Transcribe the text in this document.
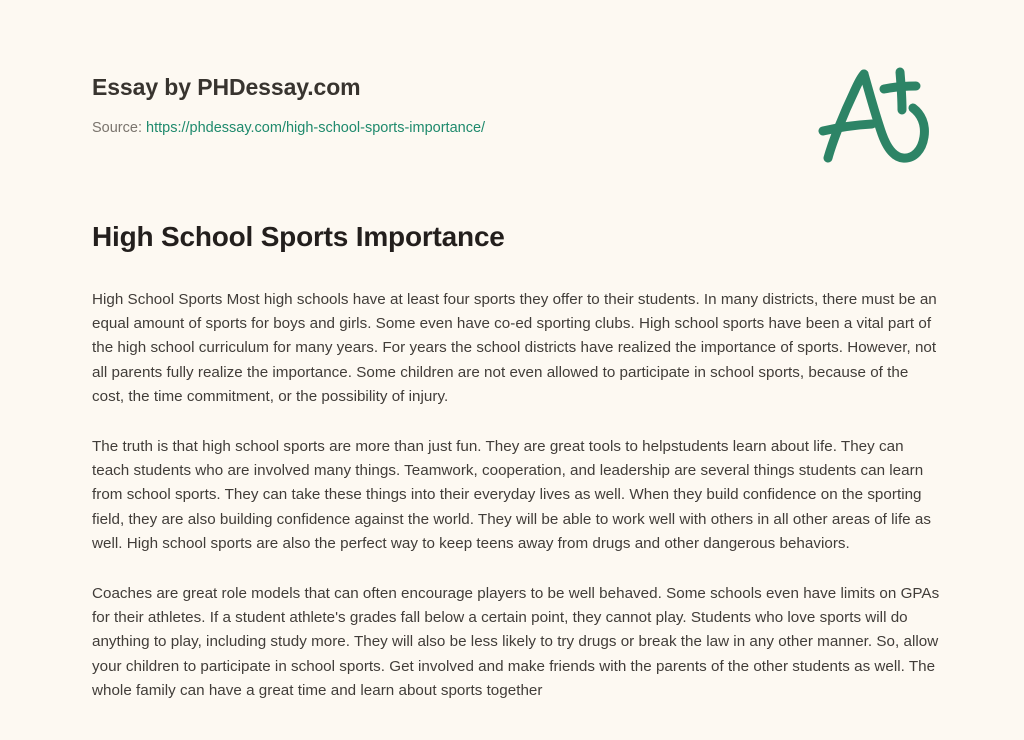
Essay by PHDessay.com
Source: https://phdessay.com/high-school-sports-importance/
High School Sports Importance

High School Sports Most high schools have at least four sports they offer to their students. In many districts, there must be an equal amount of sports for boys and girls. Some even have co-ed sporting clubs. High school sports have been a vital part of the high school curriculum for many years. For years the school districts have realized the importance of sports. However, not all parents fully realize the importance. Some children are not even allowed to participate in school sports, because of the cost, the time commitment, or the possibility of injury.

The truth is that high school sports are more than just fun. They are great tools to helpstudents learn about life. They can teach students who are involved many things. Teamwork, cooperation, and leadership are several things students can learn from school sports. They can take these things into their everyday lives as well. When they build confidence on the sporting field, they are also building confidence against the world. They will be able to work well with others in all other areas of life as well. High school sports are also the perfect way to keep teens away from drugs and other dangerous behaviors.

Coaches are great role models that can often encourage players to be well behaved. Some schools even have limits on GPAs for their athletes. If a student athlete's grades fall below a certain point, they cannot play. Students who love sports will do anything to play, including study more. They will also be less likely to try drugs or break the law in any other manner. So, allow your children to participate in school sports. Get involved and make friends with the parents of the other students as well. The whole family can have a great time and learn about sports together
